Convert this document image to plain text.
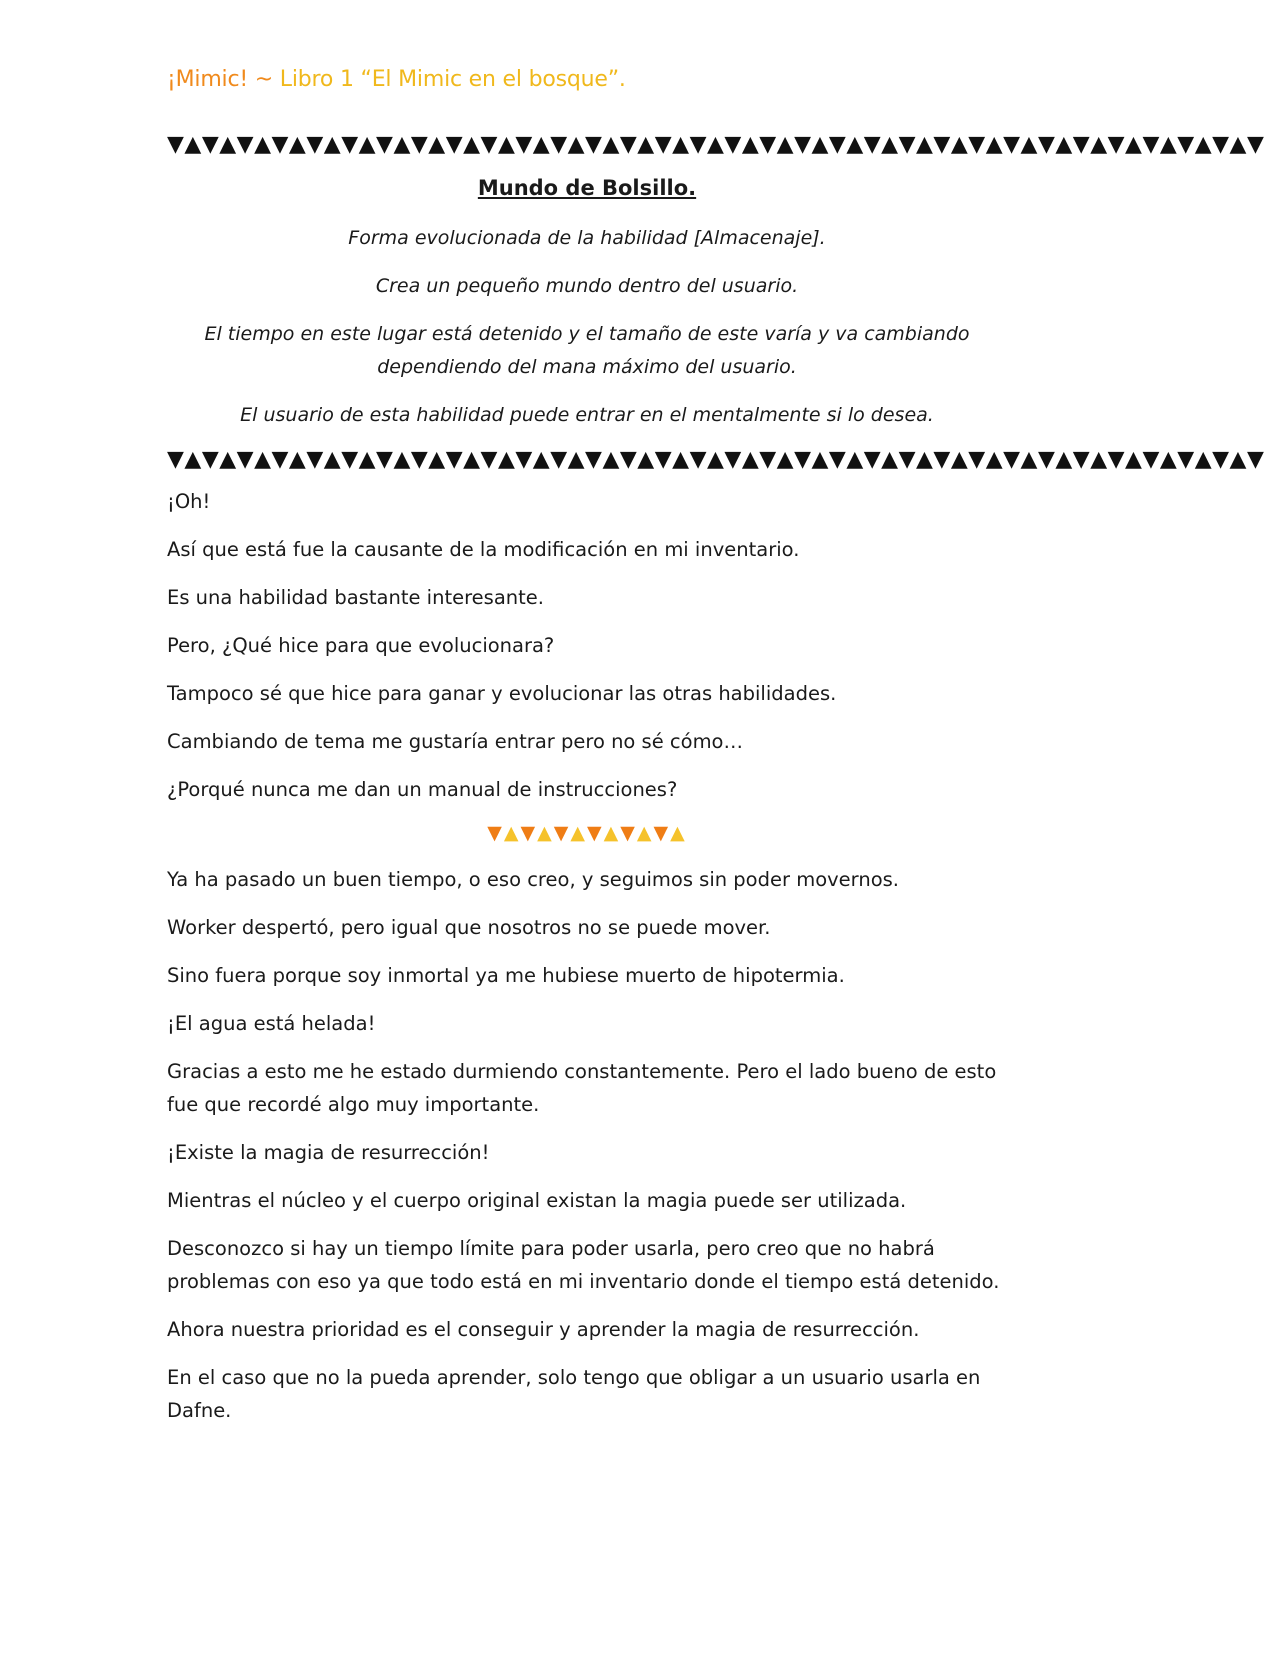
¡Mimic! ~ Libro 1 “El Mimic en el bosque”.
▼▲▼▲▼▲▼▲▼▲▼▲▼▲▼▲▼▲▼▲▼▲▼▲▼▲▼▲▼▲▼▲▼▲▼▲▼▲▼▲▼▲▼▲▼▲▼▲▼▲▼▲▼▲▼▲▼▲▼▲▼▲▼
Mundo de Bolsillo.
Forma evolucionada de la habilidad [Almacenaje].
Crea un pequeño mundo dentro del usuario.
El tiempo en este lugar está detenido y el tamaño de este varía y va cambiando dependiendo del mana máximo del usuario.
El usuario de esta habilidad puede entrar en el mentalmente si lo desea.
▼▲▼▲▼▲▼▲▼▲▼▲▼▲▼▲▼▲▼▲▼▲▼▲▼▲▼▲▼▲▼▲▼▲▼▲▼▲▼▲▼▲▼▲▼▲▼▲▼▲▼▲▼▲▼▲▼▲▼▲▼▲▼

¡Oh!

Así que está fue la causante de la modificación en mi inventario.

Es una habilidad bastante interesante.

Pero, ¿Qué hice para que evolucionara?

Tampoco sé que hice para ganar y evolucionar las otras habilidades.

Cambiando de tema me gustaría entrar pero no sé cómo…

¿Porqué nunca me dan un manual de instrucciones?

▼▲▼▲▼▲▼▲▼▲▼▲

Ya ha pasado un buen tiempo, o eso creo, y seguimos sin poder movernos.

Worker despertó, pero igual que nosotros no se puede mover.

Sino fuera porque soy inmortal ya me hubiese muerto de hipotermia.

¡El agua está helada!

Gracias a esto me he estado durmiendo constantemente. Pero el lado bueno de esto fue que recordé algo muy importante.

¡Existe la magia de resurrección!

Mientras el núcleo y el cuerpo original existan la magia puede ser utilizada.

Desconozco si hay un tiempo límite para poder usarla, pero creo que no habrá problemas con eso ya que todo está en mi inventario donde el tiempo está detenido.

Ahora nuestra prioridad es el conseguir y aprender la magia de resurrección.

En el caso que no la pueda aprender, solo tengo que obligar a un usuario usarla en Dafne.
